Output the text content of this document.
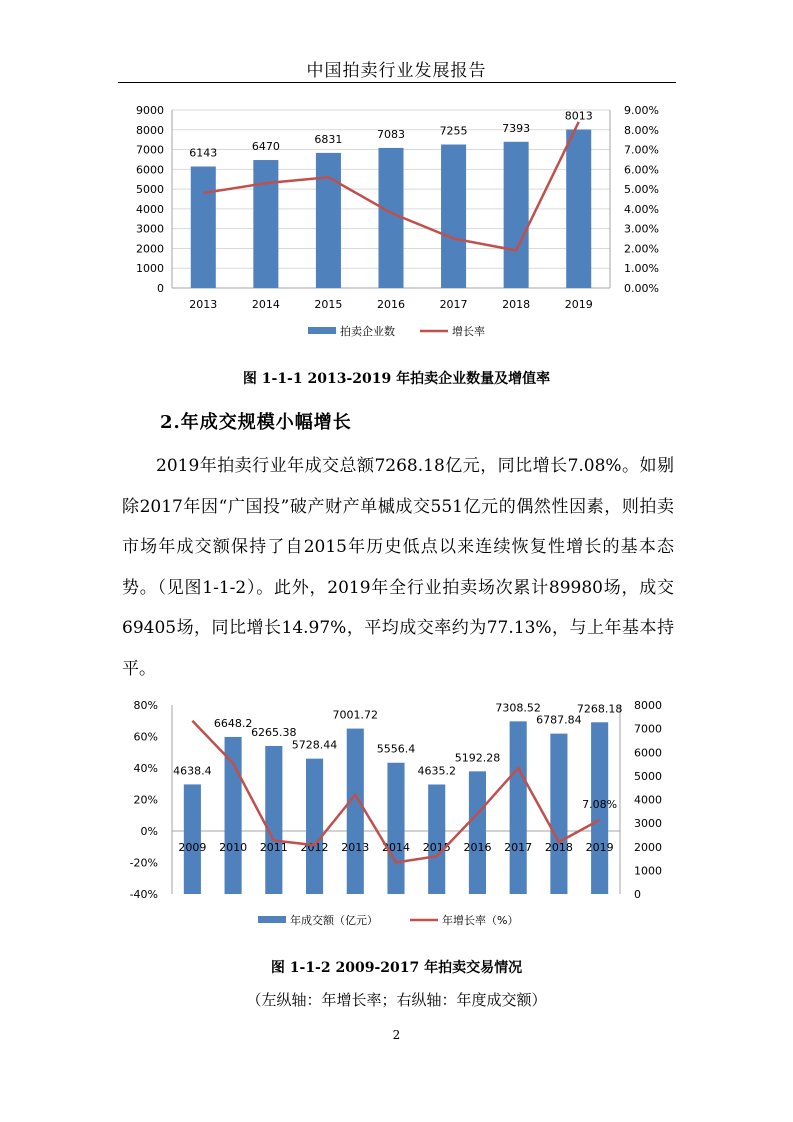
中国拍卖行业发展报告
0
1000
2000
3000
4000
5000
6000
7000
8000
9000
0.00%
1.00%
2.00%
3.00%
4.00%
5.00%
6.00%
7.00%
8.00%
9.00%
6143
2013
6470
2014
6831
2015
7083
2016
7255
2017
7393
2018
8013
2019
拍卖企业数	增长率
图 1-1-1 2013-2019 年拍卖企业数量及增值率
2.年成交规模小幅增长
2019年拍卖行业年成交总额7268.18亿元，同比增长7.08%。如剔除2017年因“广国投”破产财产单槭成交551亿元的偶然性因素，则拍卖市场年成交额保持了自2015年历史低点以来连续恢复性增长的基本态势。（见图1-1-2）。此外，2019年全行业拍卖场次累计89980场，成交69405场，同比增长14.97%，平均成交率约为77.13%，与上年基本持平。
-40%
-20%
0%
20%
40%
60%
80%
0
1000
2000
3000
4000
5000
6000
7000
8000
4638.4
2009
6648.2
2010
6265.38
2011
5728.44
2012
7001.72
2013
5556.4
2014
4635.2
2015
5192.28
2016
7308.52
2017
6787.84
2018
7268.18
2019
7.08%
年成交额（亿元）	年增长率（%）
图 1-1-2 2009-2017 年拍卖交易情况
（左纵轴：年增长率；右纵轴：年度成交额）
2
